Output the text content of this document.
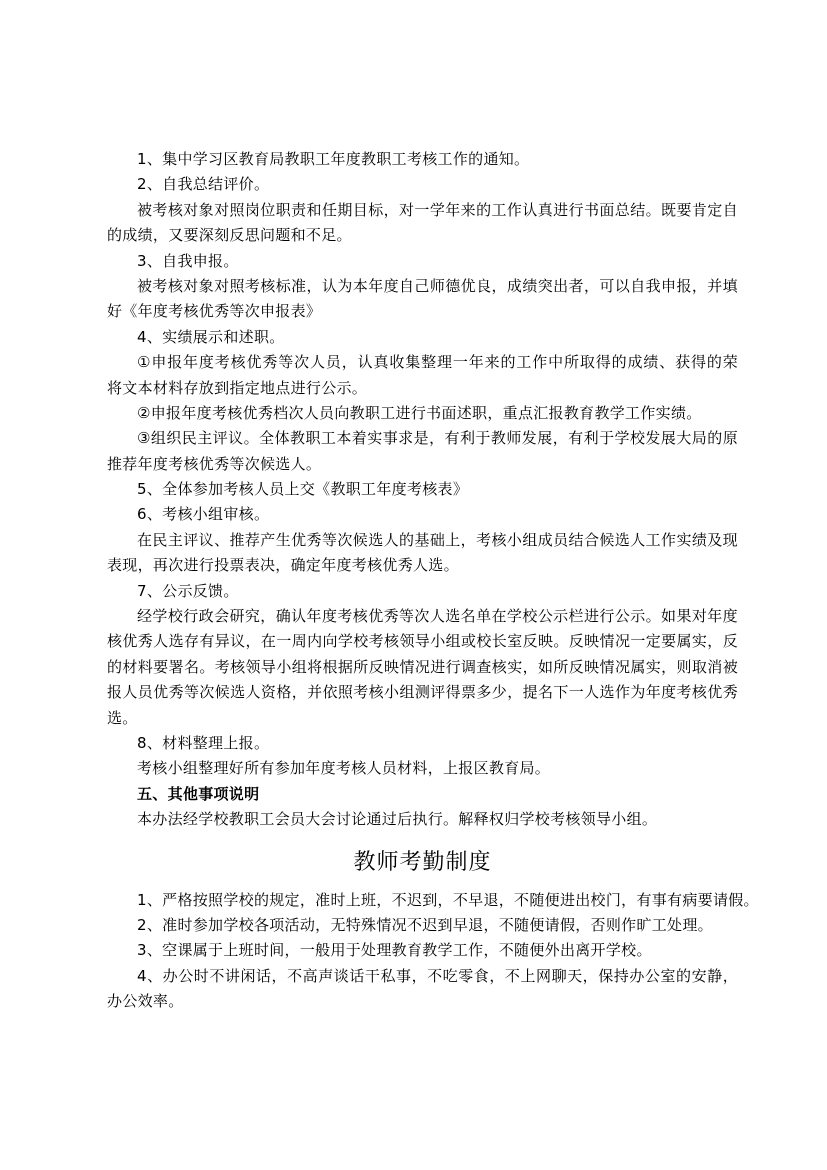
1、集中学习区教育局教职工年度教职工考核工作的通知。
2、自我总结评价。
被考核对象对照岗位职责和任期目标，对一学年来的工作认真进行书面总结。既要肯定自
的成绩，又要深刻反思问题和不足。
3、自我申报。
被考核对象对照考核标准，认为本年度自己师德优良，成绩突出者，可以自我申报，并填
好《年度考核优秀等次申报表》
4、实绩展示和述职。
①申报年度考核优秀等次人员，认真收集整理一年来的工作中所取得的成绩、获得的荣
将文本材料存放到指定地点进行公示。
②申报年度考核优秀档次人员向教职工进行书面述职，重点汇报教育教学工作实绩。
③组织民主评议。全体教职工本着实事求是，有利于教师发展，有利于学校发展大局的原
推荐年度考核优秀等次候选人。
5、全体参加考核人员上交《教职工年度考核表》
6、考核小组审核。
在民主评议、推荐产生优秀等次候选人的基础上，考核小组成员结合候选人工作实绩及现
表现，再次进行投票表决，确定年度考核优秀人选。
7、公示反馈。
经学校行政会研究，确认年度考核优秀等次人选名单在学校公示栏进行公示。如果对年度
核优秀人选存有异议，在一周内向学校考核领导小组或校长室反映。反映情况一定要属实，反
的材料要署名。考核领导小组将根据所反映情况进行调查核实，如所反映情况属实，则取消被
报人员优秀等次候选人资格，并依照考核小组测评得票多少，提名下一人选作为年度考核优秀
选。
8、材料整理上报。
考核小组整理好所有参加年度考核人员材料，上报区教育局。
五、其他事项说明
本办法经学校教职工会员大会讨论通过后执行。解释权归学校考核领导小组。
教师考勤制度
1、严格按照学校的规定，准时上班，不迟到，不早退，不随便进出校门，有事有病要请假。
2、准时参加学校各项活动，无特殊情况不迟到早退，不随便请假，否则作旷工处理。
3、空课属于上班时间，一般用于处理教育教学工作，不随便外出离开学校。
4、办公时不讲闲话，不高声谈话干私事，不吃零食，不上网聊天，保持办公室的安静，
办公效率。
